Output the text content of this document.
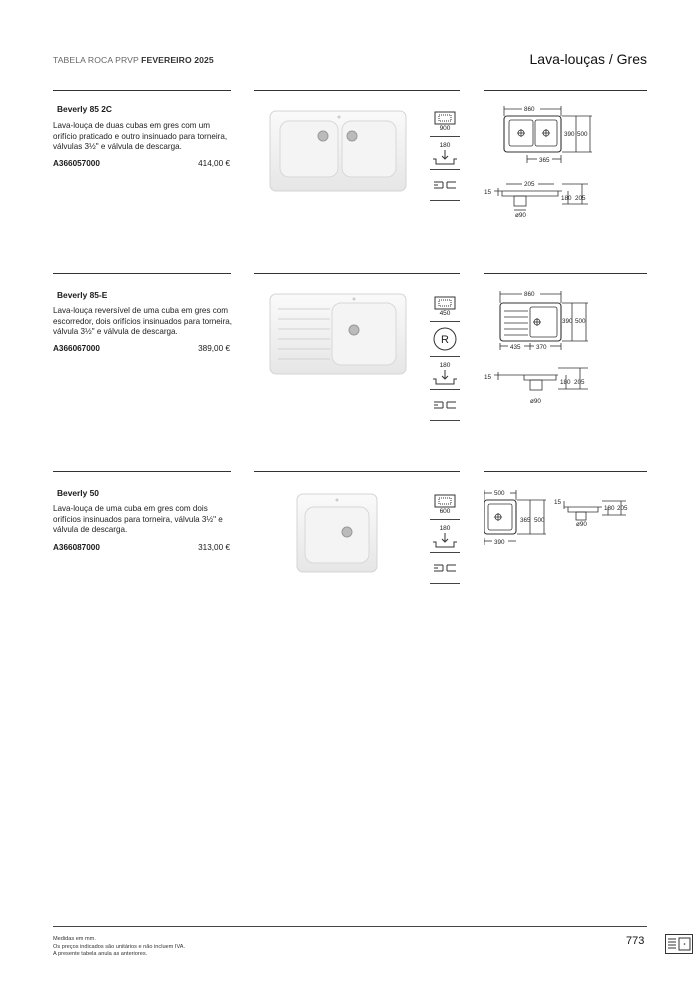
TABELA ROCA PRVP FEVEREIRO 2025	Lava-louças / Gres
Beverly 85 2C
Lava-louça de duas cubas em gres com um orifício praticado e outro insinuado para torneira, válvulas 3½" e válvula de descarga.
A366057000	414,00 €
900
180
860
390 500
365
205
15
180 205
ø90
Beverly 85-E
Lava-louça reversível de uma cuba em gres com escorredor, dois orifícios insinuados para torneira, válvula 3½" e válvula de descarga.
A366067000	389,00 €
450
R
180
860
390 500
435 370
15
180 205
ø90
Beverly 50
Lava-louça de uma cuba em gres com dois orifícios insinuados para torneira, válvula 3½" e válvula de descarga.
A366087000	313,00 €
600
180
500
365 500
390
15
180 205
ø90
Medidas em mm.
Os preços indicados são unitários e não incluem IVA.
A presente tabela anula as anteriores.
773
